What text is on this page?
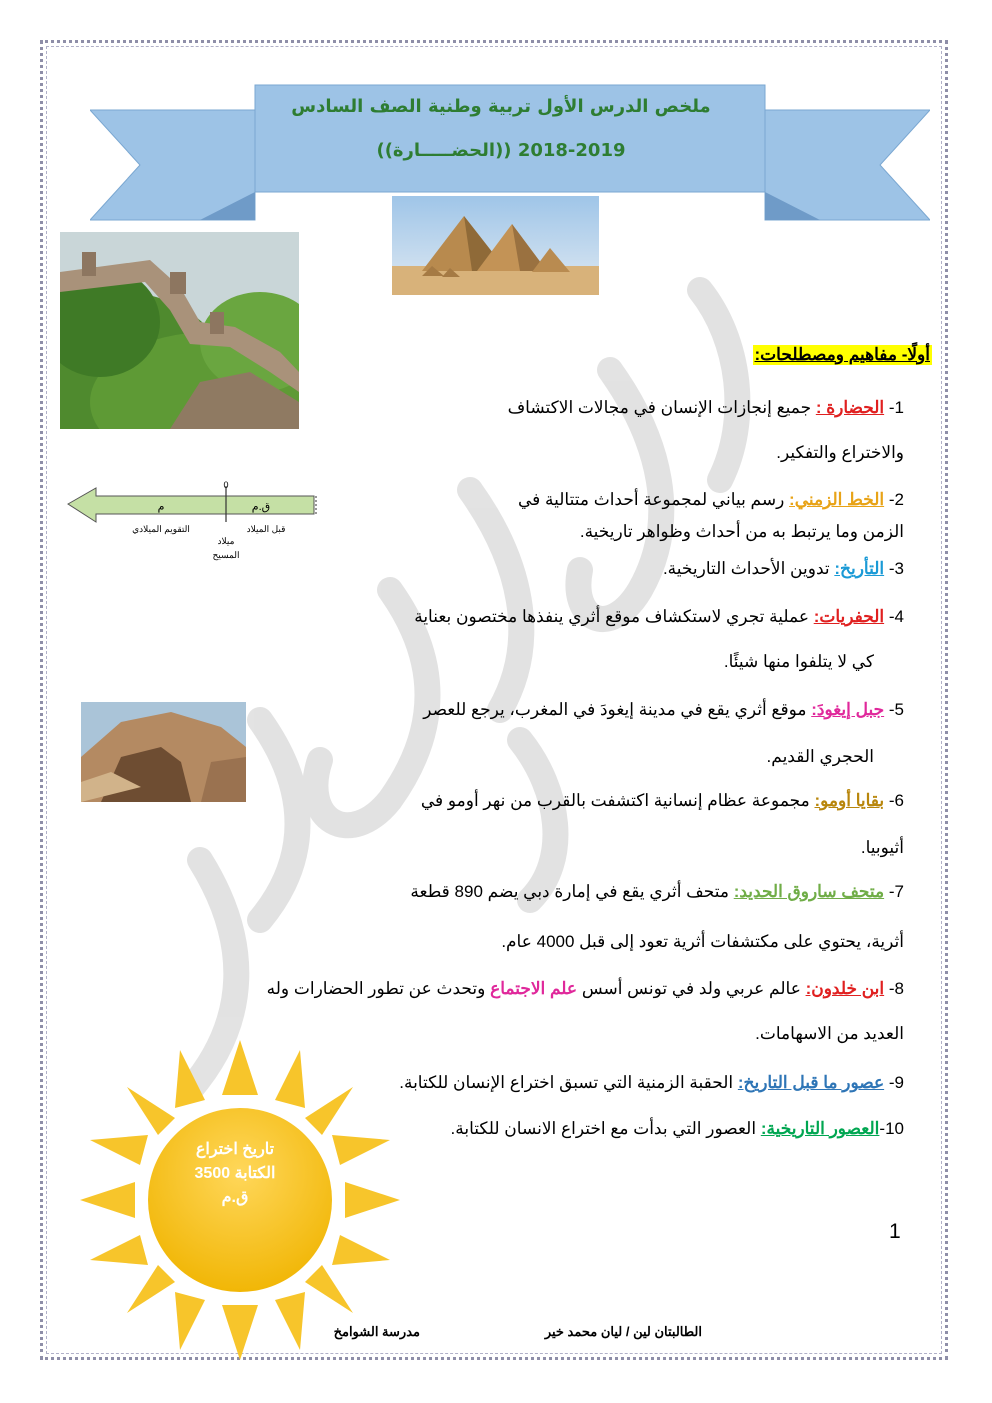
ملخص الدرس الأول تربية وطنية الصف السادس
((الحضـــــارة)) 2019-2018
0
ق.م
م
قبل الميلاد
التقويم الميلادي
ميلاد
المسيح
أولًا- مفاهيم ومصطلحات:
1- الحضارة : جميع إنجازات الإنسان في مجالات الاكتشاف
والاختراع والتفكير.
2- الخط الزمني: رسم بياني لمجموعة أحداث متتالية في
الزمن وما يرتبط به من أحداث وظواهر تاريخية.
3- التأريخ: تدوين الأحداث التاريخية.
4- الحفريات: عملية تجري لاستكشاف موقع أثري ينفذها مختصون بعناية
كي لا يتلفوا منها شيئًا.
5- جبل إيغودَ: موقع أثري يقع في مدينة إيغودَ في المغرب، يرجع للعصر
الحجري القديم.
6- بقايا أومو: مجموعة عظام إنسانية اكتشفت بالقرب من نهر أومو في
أثيوبيا.
7- متحف ساروق الحديد: متحف أثري يقع في إمارة دبي يضم 890 قطعة
أثرية، يحتوي على مكتشفات أثرية تعود إلى قبل 4000 عام.
8- ابن خلدون: عالم عربي ولد في تونس أسس علم الاجتماع وتحدث عن تطور الحضارات وله
العديد من الاسهامات.
9- عصور ما قبل التاريخ: الحقبة الزمنية التي تسبق اختراع الإنسان للكتابة.
10-العصور التاريخية: العصور التي بدأت مع اختراع الانسان للكتابة.
تاريخ اختراع
الكتابة 3500
ق.م
1
الطالبتان لين / ليان محمد خير
مدرسة الشوامخ
